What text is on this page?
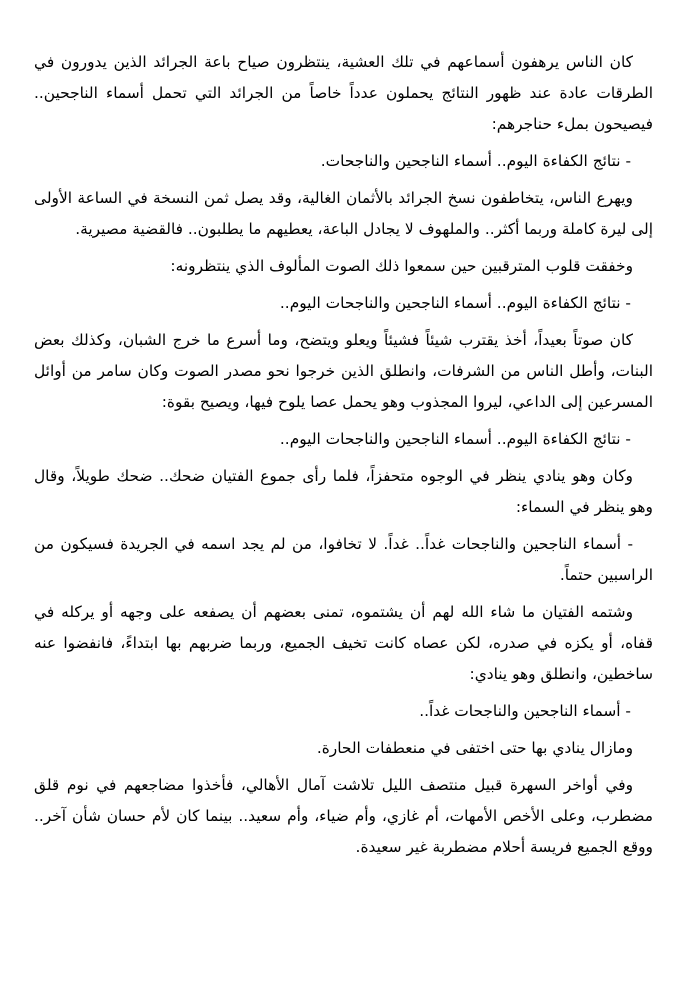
كان الناس يرهفون أسماعهم في تلك العشية، ينتظرون صياح باعة الجرائد الذين يدورون في الطرقات عادة عند ظهور النتائج يحملون عدداً خاصاً من الجرائد التي تحمل أسماء الناجحين.. فيصيحون بملء حناجرهم:

- نتائج الكفاءة اليوم.. أسماء الناجحين والناجحات.

ويهرع الناس، يتخاطفون نسخ الجرائد بالأثمان الغالية، وقد يصل ثمن النسخة في الساعة الأولى إلى ليرة كاملة وربما أكثر.. والملهوف لا يجادل الباعة، يعطيهم ما يطلبون.. فالقضية مصيرية.

وخفقت قلوب المترقبين حين سمعوا ذلك الصوت المألوف الذي ينتظرونه:

- نتائج الكفاءة اليوم.. أسماء الناجحين والناجحات اليوم..

كان صوتاً بعيداً، أخذ يقترب شيئاً فشيئاً ويعلو ويتضح، وما أسرع ما خرج الشبان، وكذلك بعض البنات، وأطل الناس من الشرفات، وانطلق الذين خرجوا نحو مصدر الصوت وكان سامر من أوائل المسرعين إلى الداعي، ليروا المجذوب وهو يحمل عصا يلوح فيها، ويصيح بقوة:

- نتائج الكفاءة اليوم.. أسماء الناجحين والناجحات اليوم..

وكان وهو ينادي ينظر في الوجوه متحفزاً، فلما رأى جموع الفتيان ضحك.. ضحك طويلاً، وقال وهو ينظر في السماء:

- أسماء الناجحين والناجحات غداً.. غداً. لا تخافوا، من لم يجد اسمه في الجريدة فسيكون من الراسبين حتماً.

وشتمه الفتيان ما شاء الله لهم أن يشتموه، تمنى بعضهم أن يصفعه على وجهه أو يركله في قفاه، أو يكزه في صدره، لكن عصاه كانت تخيف الجميع، وربما ضربهم بها ابتداءً، فانفضوا عنه ساخطين، وانطلق وهو ينادي:

- أسماء الناجحين والناجحات غداً..

ومازال ينادي بها حتى اختفى في منعطفات الحارة.

وفي أواخر السهرة قبيل منتصف الليل تلاشت آمال الأهالي، فأخذوا مضاجعهم في نوم قلق مضطرب، وعلى الأخص الأمهات، أم غازي، وأم ضياء، وأم سعيد.. بينما كان لأم حسان شأن آخر.. ووقع الجميع فريسة أحلام مضطربة غير سعيدة.
